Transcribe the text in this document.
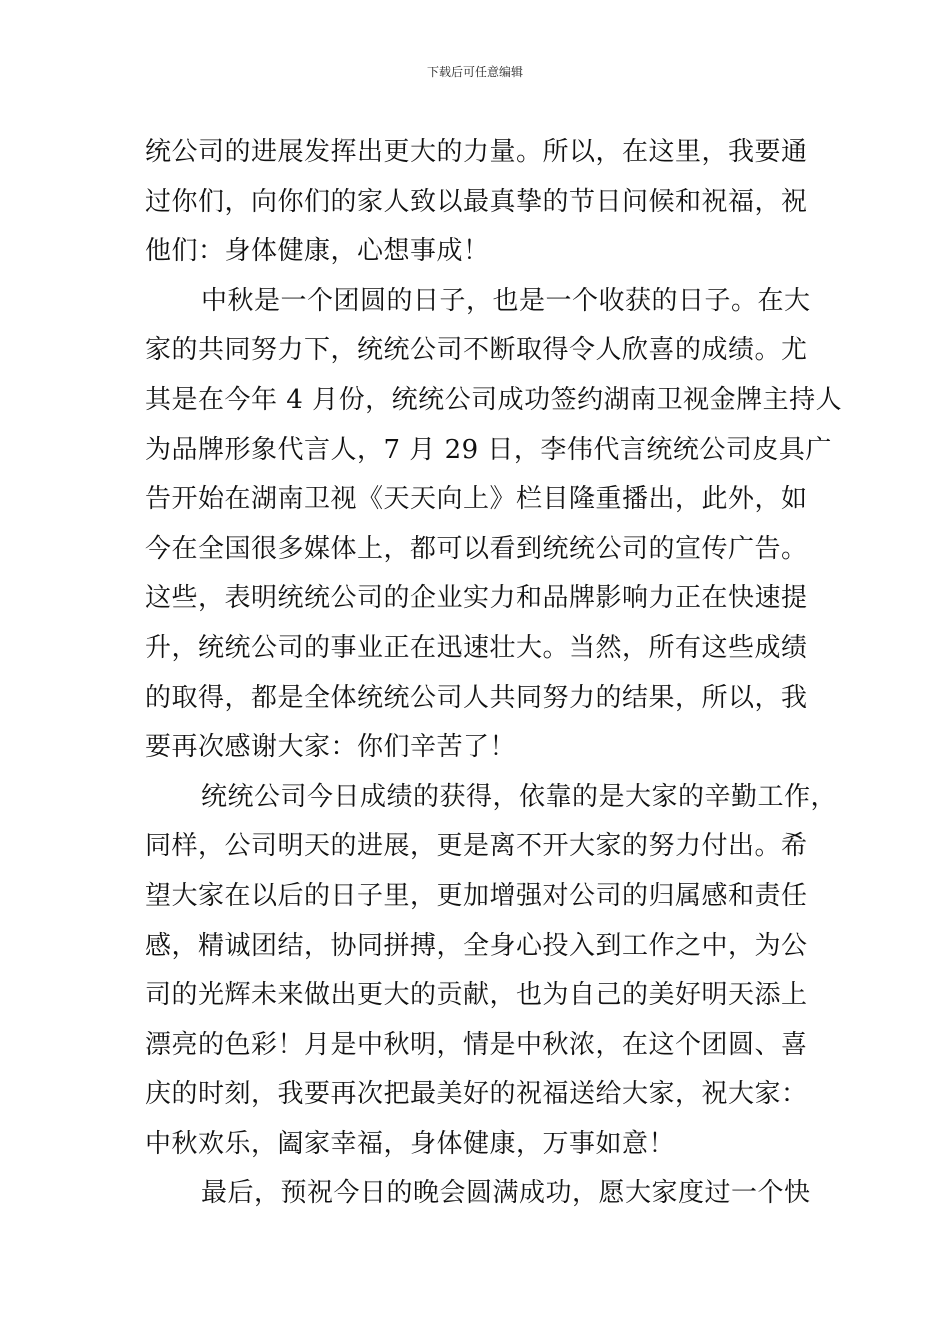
下载后可任意编辑
统公司的进展发挥出更大的力量。所以，在这里，我要通
过你们，向你们的家人致以最真挚的节日问候和祝福，祝
他们：身体健康，心想事成！
中秋是一个团圆的日子，也是一个收获的日子。在大
家的共同努力下，统统公司不断取得令人欣喜的成绩。尤
其是在今年 4 月份，统统公司成功签约湖南卫视金牌主持人
为品牌形象代言人，7 月 29 日，李伟代言统统公司皮具广
告开始在湖南卫视《天天向上》栏目隆重播出，此外，如
今在全国很多媒体上，都可以看到统统公司的宣传广告。
这些，表明统统公司的企业实力和品牌影响力正在快速提
升，统统公司的事业正在迅速壮大。当然，所有这些成绩
的取得，都是全体统统公司人共同努力的结果，所以，我
要再次感谢大家：你们辛苦了！
统统公司今日成绩的获得，依靠的是大家的辛勤工作，
同样，公司明天的进展，更是离不开大家的努力付出。希
望大家在以后的日子里，更加增强对公司的归属感和责任
感，精诚团结，协同拼搏，全身心投入到工作之中，为公
司的光辉未来做出更大的贡献，也为自己的美好明天添上
漂亮的色彩！月是中秋明，情是中秋浓，在这个团圆、喜
庆的时刻，我要再次把最美好的祝福送给大家，祝大家：
中秋欢乐，阖家幸福，身体健康，万事如意！
最后，预祝今日的晚会圆满成功，愿大家度过一个快
